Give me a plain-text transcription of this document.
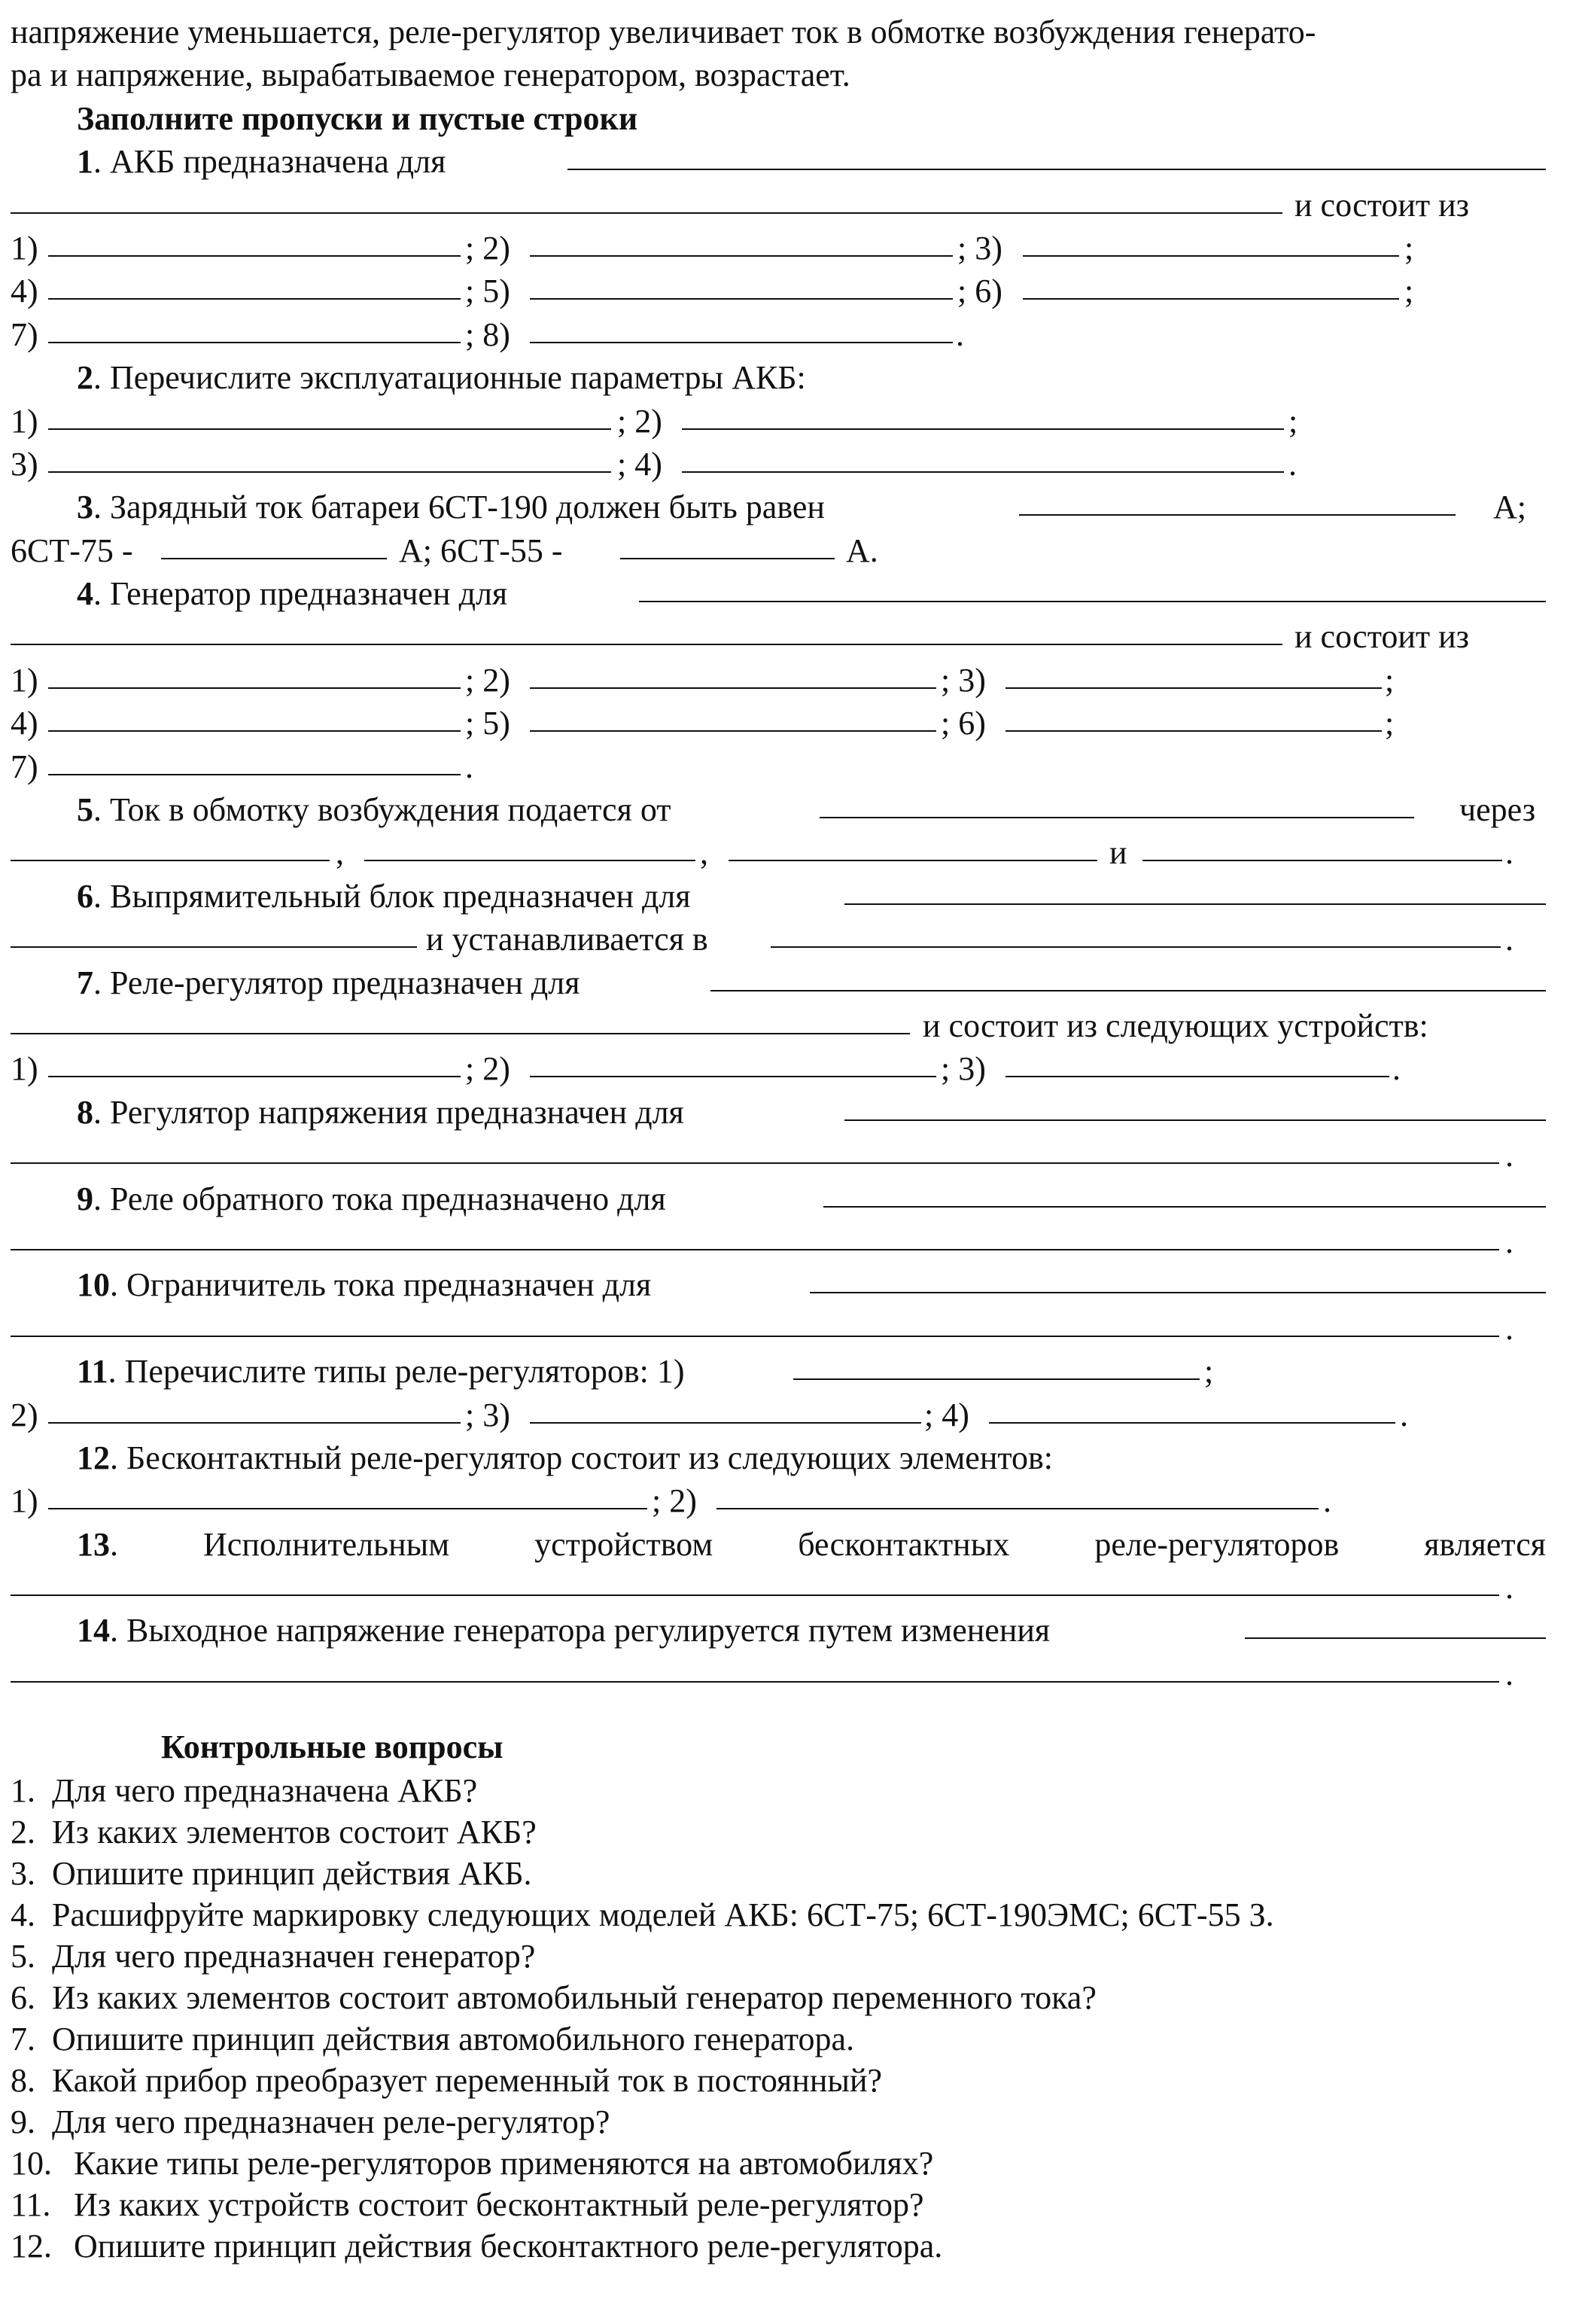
напряжение уменьшается, реле-регулятор увеличивает ток в обмотке возбуждения генерато-
ра и напряжение, вырабатываемое генератором, возрастает.
Заполните пропуски и пустые строки
1. АКБ предназначена для
и состоит из
1)	; 2)	; 3)	;
4)	; 5)	; 6)	;
7)	; 8)	.
2. Перечислите эксплуатационные параметры АКБ:
1)	; 2)	;
3)	; 4)	.
3. Зарядный ток батареи 6СТ-190 должен быть равен	А;
6СТ-75 -	А; 6СТ-55 -	А.
4. Генератор предназначен для
и состоит из
1)	; 2)	; 3)	;
4)	; 5)	; 6)	;
7)	.
5. Ток в обмотку возбуждения подается от	через
,	,	и	.
6. Выпрямительный блок предназначен для
и устанавливается в	.
7. Реле-регулятор предназначен для
и состоит из следующих устройств:
1)	; 2)	; 3)	.
8. Регулятор напряжения предназначен для
.
9. Реле обратного тока предназначено для
.
10. Ограничитель тока предназначен для
.
11. Перечислите типы реле-регуляторов: 1)	;
2)	; 3)	; 4)	.
12. Бесконтактный реле-регулятор состоит из следующих элементов:
1)	; 2)	.
13.	Исполнительным	устройством	бесконтактных	реле-регуляторов	является
.
14. Выходное напряжение генератора регулируется путем изменения
.
Контрольные вопросы
1. Для чего предназначена АКБ?
2. Из каких элементов состоит АКБ?
3. Опишите принцип действия АКБ.
4. Расшифруйте маркировку следующих моделей АКБ: 6СТ-75; 6СТ-190ЭМС; 6СТ-55 З.
5. Для чего предназначен генератор?
6. Из каких элементов состоит автомобильный генератор переменного тока?
7. Опишите принцип действия автомобильного генератора.
8. Какой прибор преобразует переменный ток в постоянный?
9. Для чего предназначен реле-регулятор?
10. Какие типы реле-регуляторов применяются на автомобилях?
11. Из каких устройств состоит бесконтактный реле-регулятор?
12. Опишите принцип действия бесконтактного реле-регулятора.
